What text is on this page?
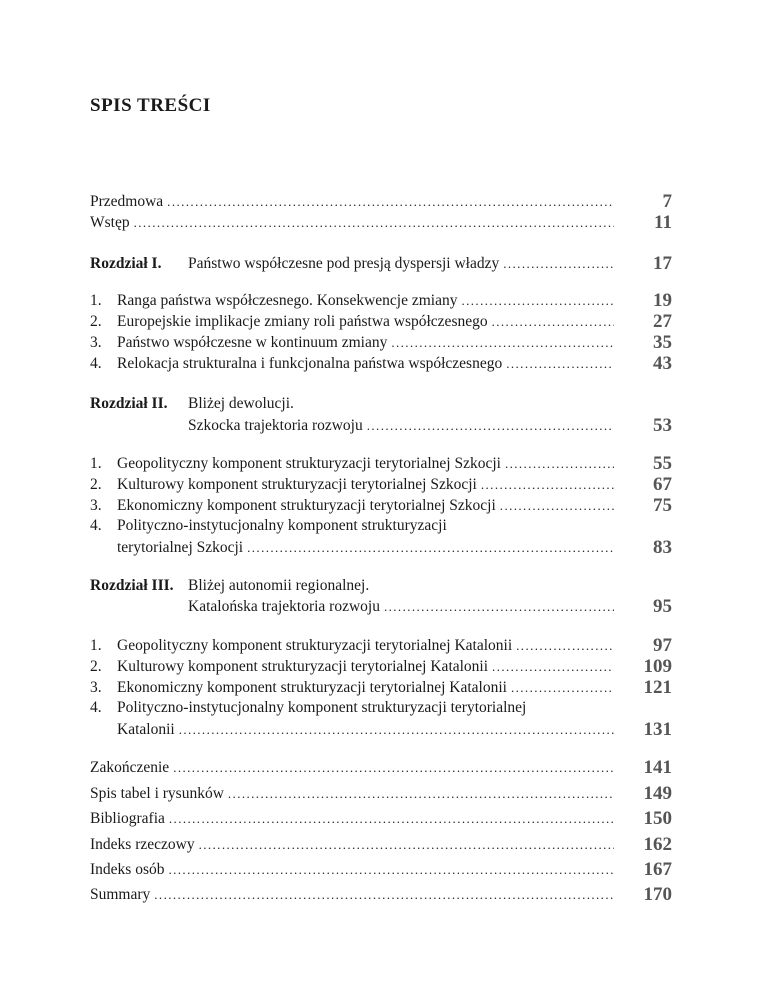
SPIS TREŚCI
Przedmowa .....	7
Wstęp .....	11
Rozdział I.	Państwo współczesne pod presją dyspersji władzy .....	17
1. Ranga państwa współczesnego. Konsekwencje zmiany .....	19
2. Europejskie implikacje zmiany roli państwa współczesnego .....	27
3. Państwo współczesne w kontinuum zmiany .....	35
4. Relokacja strukturalna i funkcjonalna państwa współczesnego .....	43
Rozdział II. Bliżej dewolucji.
Szkocka trajektoria rozwoju .....	53
1. Geopolityczny komponent strukturyzacji terytorialnej Szkocji .....	55
2. Kulturowy komponent strukturyzacji terytorialnej Szkocji .....	67
3. Ekonomiczny komponent strukturyzacji terytorialnej Szkocji .....	75
4. Polityczno-instytucjonalny komponent strukturyzacji
terytorialnej Szkocji .....	83
Rozdział III. Bliżej autonomii regionalnej.
Katalońska trajektoria rozwoju .....	95
1. Geopolityczny komponent strukturyzacji terytorialnej Katalonii .....	97
2. Kulturowy komponent strukturyzacji terytorialnej Katalonii .....	109
3. Ekonomiczny komponent strukturyzacji terytorialnej Katalonii .....	121
4. Polityczno-instytucjonalny komponent strukturyzacji terytorialnej
Katalonii .....	131
Zakończenie .....	141
Spis tabel i rysunków .....	149
Bibliografia .....	150
Indeks rzeczowy .....	162
Indeks osób .....	167
Summary .....	170
